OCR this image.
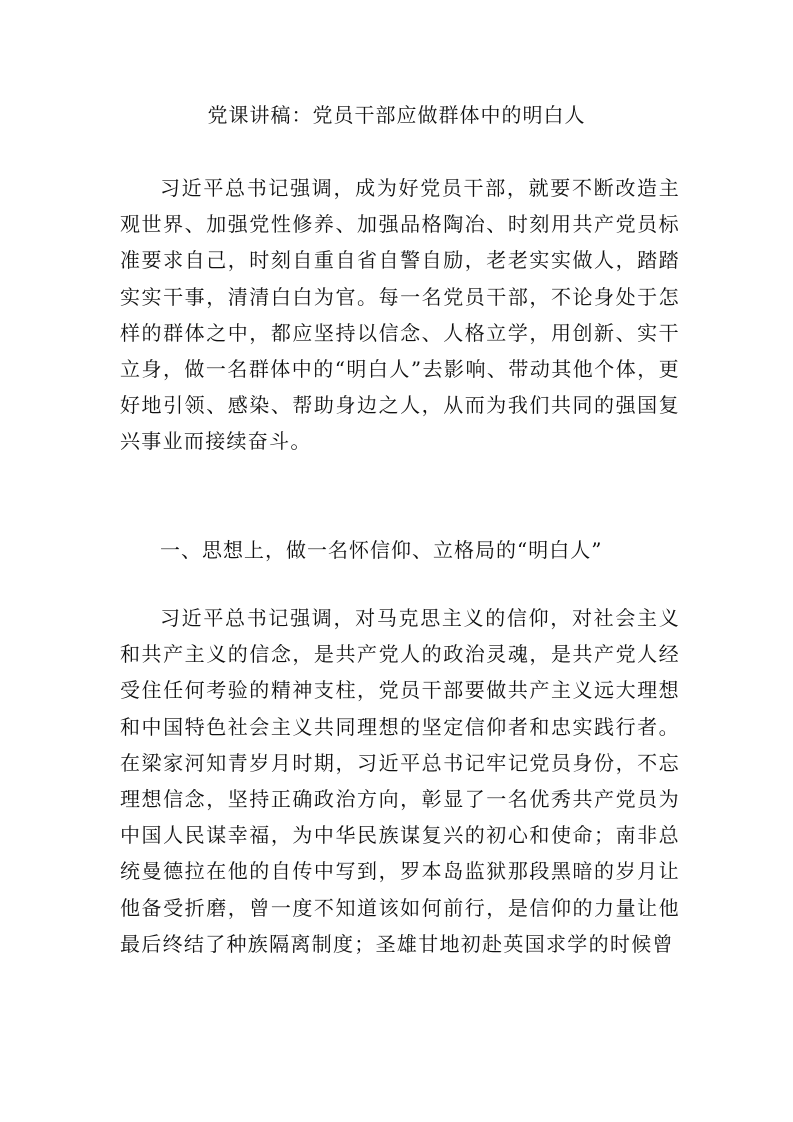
党课讲稿：党员干部应做群体中的明白人

习近平总书记强调，成为好党员干部，就要不断改造主观世界、加强党性修养、加强品格陶冶、时刻用共产党员标准要求自己，时刻自重自省自警自励，老老实实做人，踏踏实实干事，清清白白为官。每一名党员干部，不论身处于怎样的群体之中，都应坚持以信念、人格立学，用创新、实干立身，做一名群体中的“明白人”去影响、带动其他个体，更好地引领、感染、帮助身边之人，从而为我们共同的强国复兴事业而接续奋斗。

一、思想上，做一名怀信仰、立格局的“明白人”

习近平总书记强调，对马克思主义的信仰，对社会主义和共产主义的信念，是共产党人的政治灵魂，是共产党人经受住任何考验的精神支柱，党员干部要做共产主义远大理想和中国特色社会主义共同理想的坚定信仰者和忠实践行者。在梁家河知青岁月时期，习近平总书记牢记党员身份，不忘理想信念，坚持正确政治方向，彰显了一名优秀共产党员为中国人民谋幸福，为中华民族谋复兴的初心和使命；南非总统曼德拉在他的自传中写到，罗本岛监狱那段黑暗的岁月让他备受折磨，曾一度不知道该如何前行，是信仰的力量让他最后终结了种族隔离制度；圣雄甘地初赴英国求学的时候曾
